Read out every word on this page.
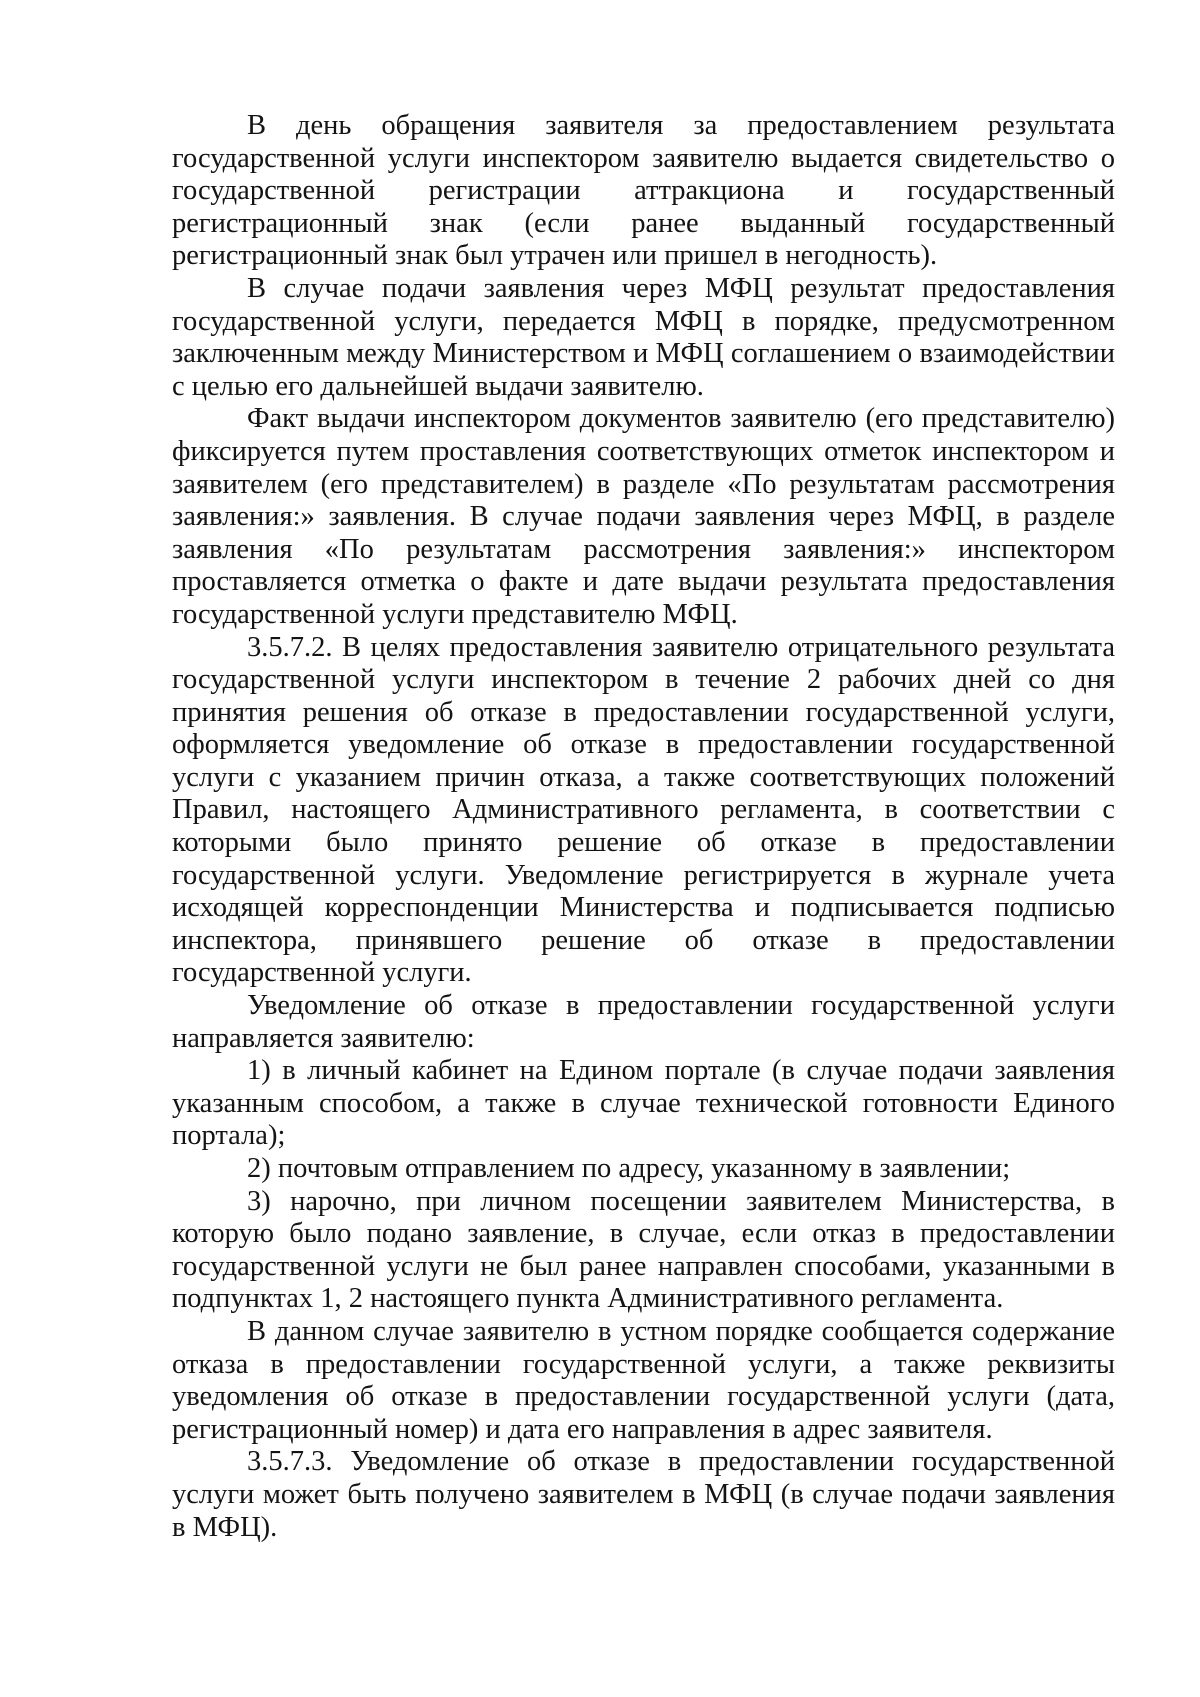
В день обращения заявителя за предоставлением результата государственной услуги инспектором заявителю выдается свидетельство о государственной регистрации аттракциона и государственный регистрационный знак (если ранее выданный государственный регистрационный знак был утрачен или пришел в негодность).

В случае подачи заявления через МФЦ результат предоставления государственной услуги, передается МФЦ в порядке, предусмотренном заключенным между Министерством и МФЦ соглашением о взаимодействии с целью его дальнейшей выдачи заявителю.

Факт выдачи инспектором документов заявителю (его представителю) фиксируется путем проставления соответствующих отметок инспектором и заявителем (его представителем) в разделе «По результатам рассмотрения заявления:» заявления. В случае подачи заявления через МФЦ, в разделе заявления «По результатам рассмотрения заявления:» инспектором проставляется отметка о факте и дате выдачи результата предоставления государственной услуги представителю МФЦ.

3.5.7.2. В целях предоставления заявителю отрицательного результата государственной услуги инспектором в течение 2 рабочих дней со дня принятия решения об отказе в предоставлении государственной услуги, оформляется уведомление об отказе в предоставлении государственной услуги с указанием причин отказа, а также соответствующих положений Правил, настоящего Административного регламента, в соответствии с которыми было принято решение об отказе в предоставлении государственной услуги. Уведомление регистрируется в журнале учета исходящей корреспонденции Министерства и подписывается подписью инспектора, принявшего решение об отказе в предоставлении государственной услуги.

Уведомление об отказе в предоставлении государственной услуги направляется заявителю:

1) в личный кабинет на Едином портале (в случае подачи заявления указанным способом, а также в случае технической готовности Единого портала);

2) почтовым отправлением по адресу, указанному в заявлении;

3) нарочно, при личном посещении заявителем Министерства, в которую было подано заявление, в случае, если отказ в предоставлении государственной услуги не был ранее направлен способами, указанными в подпунктах 1, 2 настоящего пункта Административного регламента.

В данном случае заявителю в устном порядке сообщается содержание отказа в предоставлении государственной услуги, а также реквизиты уведомления об отказе в предоставлении государственной услуги (дата, регистрационный номер) и дата его направления в адрес заявителя.

3.5.7.3. Уведомление об отказе в предоставлении государственной услуги может быть получено заявителем в МФЦ (в случае подачи заявления в МФЦ).
